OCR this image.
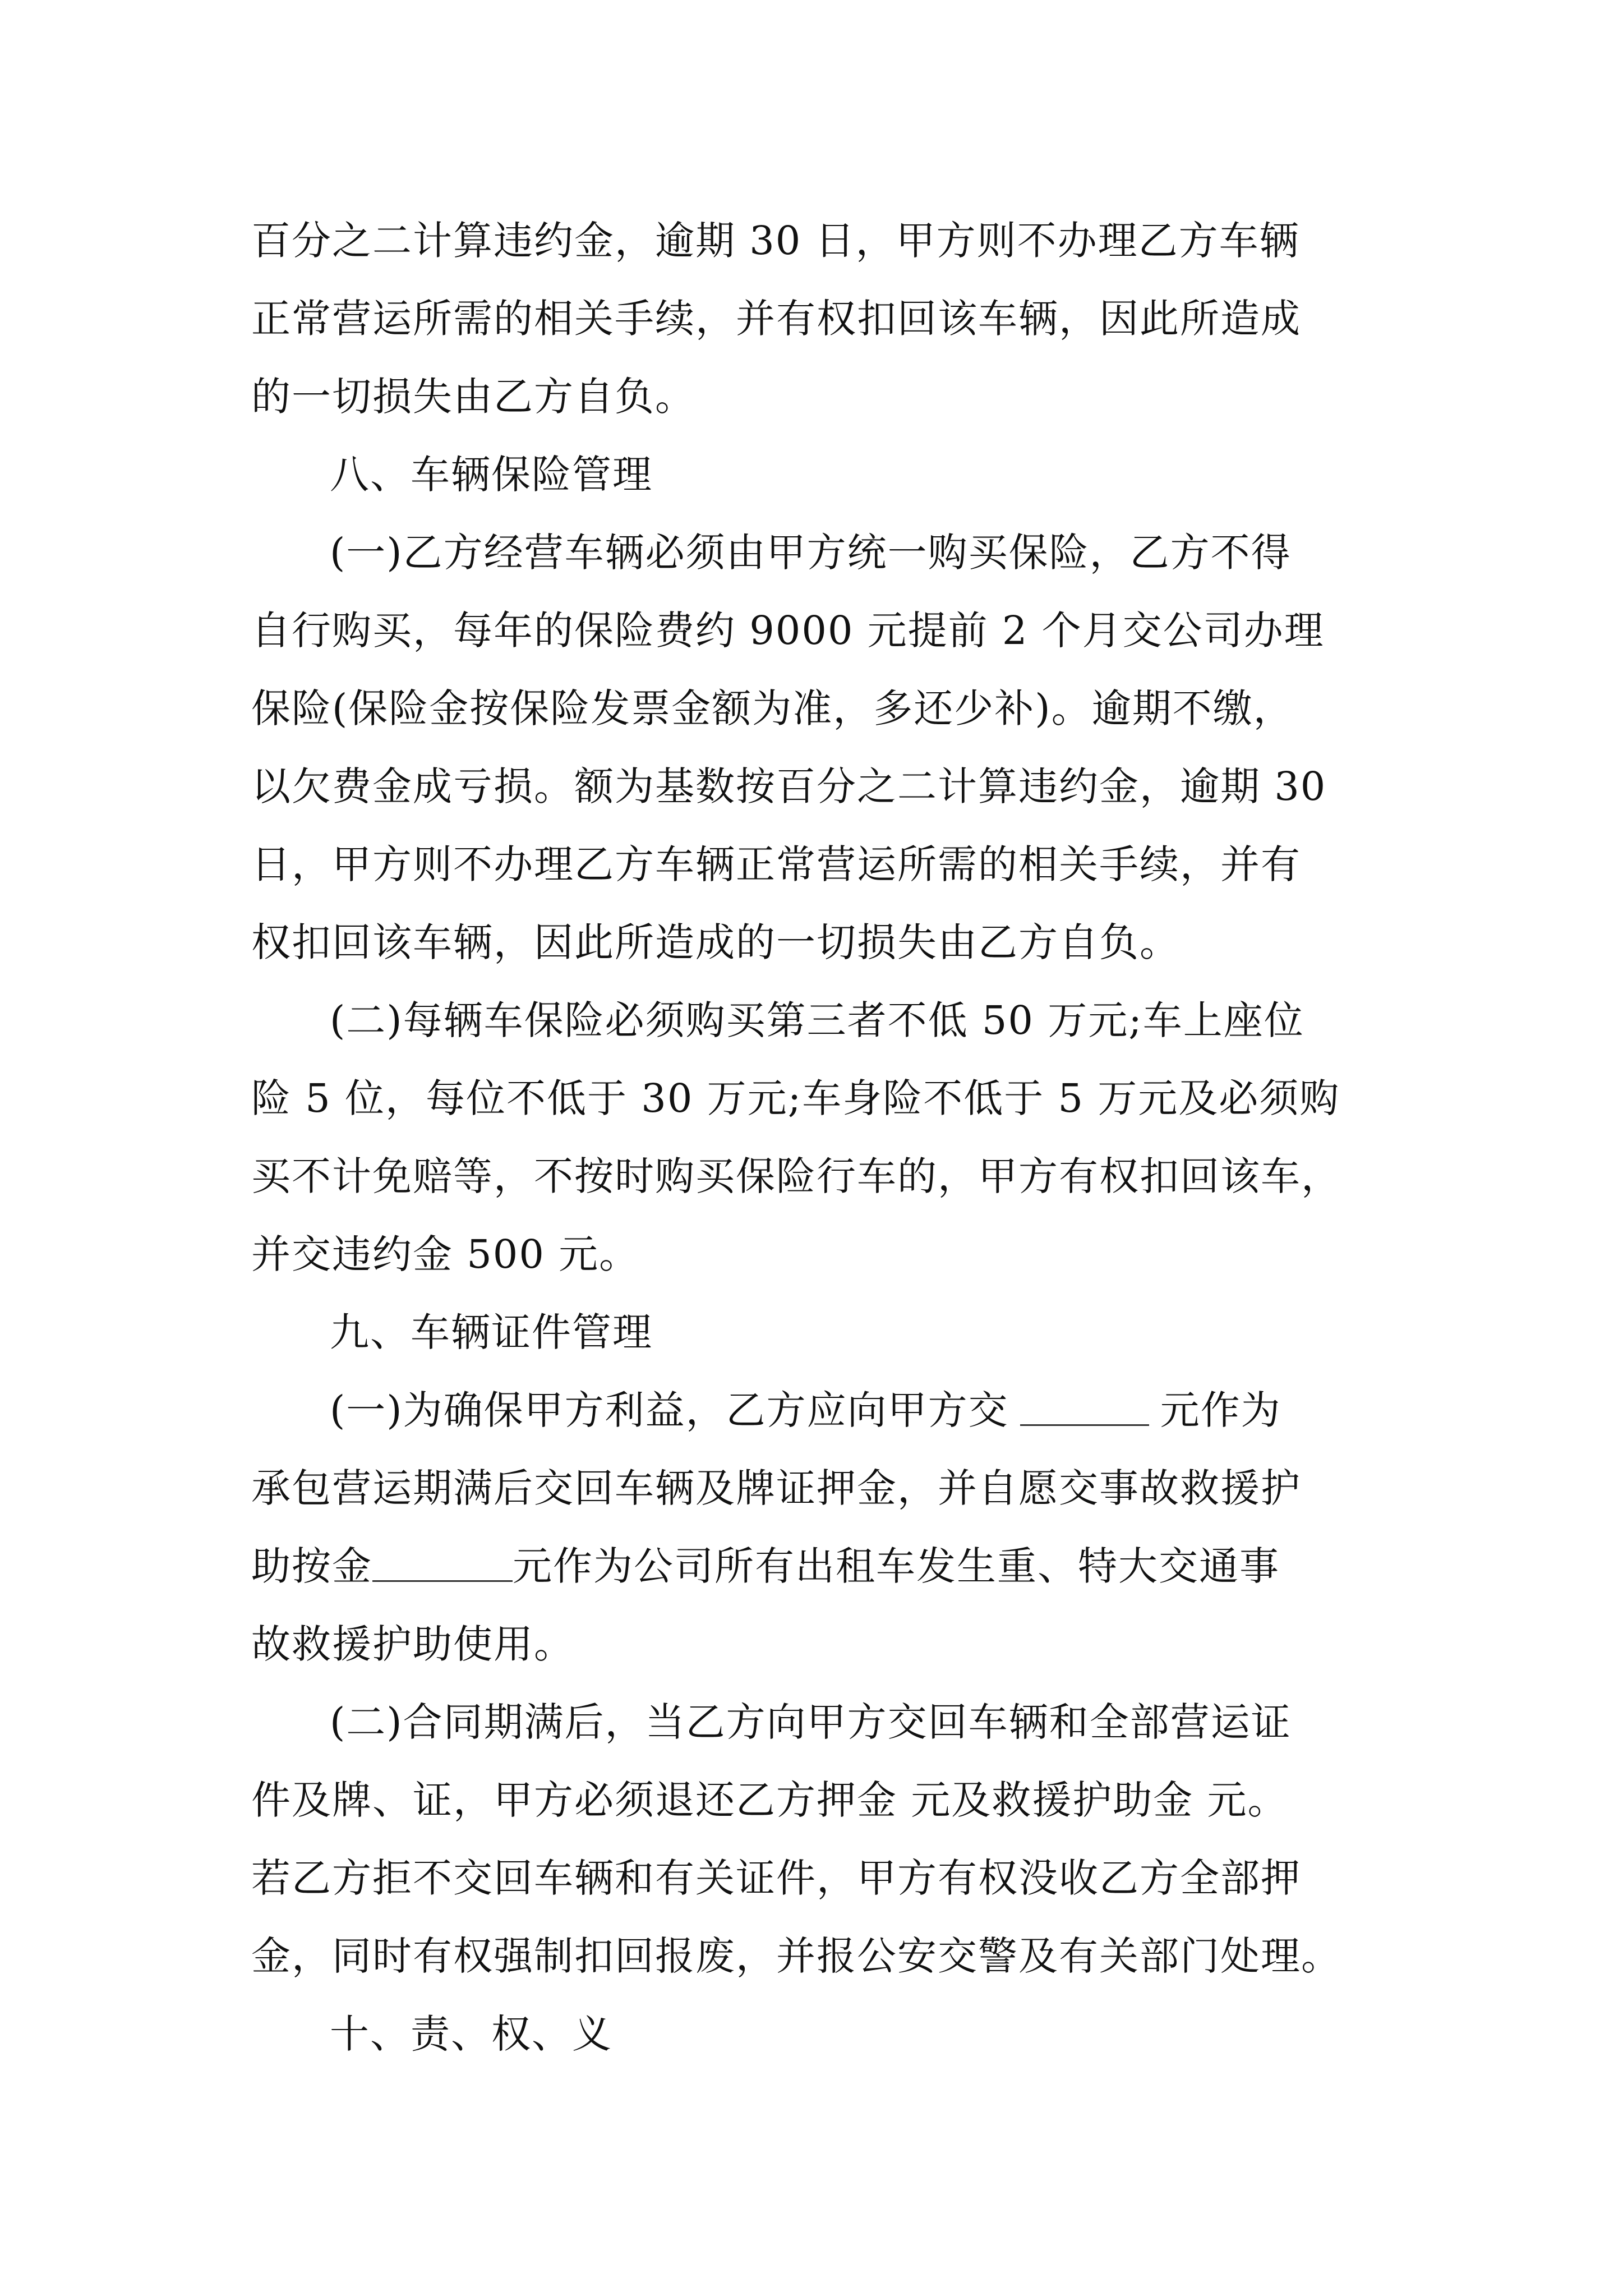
百分之二计算违约金，逾期 30 日，甲方则不办理乙方车辆
正常营运所需的相关手续，并有权扣回该车辆，因此所造成
的一切损失由乙方自负。

八、车辆保险管理

(一)乙方经营车辆必须由甲方统一购买保险，乙方不得
自行购买，每年的保险费约 9000 元提前 2 个月交公司办理
保险(保险金按保险发票金额为准，多还少补)。逾期不缴，
以欠费金成亏损。额为基数按百分之二计算违约金，逾期 30
日，甲方则不办理乙方车辆正常营运所需的相关手续，并有
权扣回该车辆，因此所造成的一切损失由乙方自负。

(二)每辆车保险必须购买第三者不低 50 万元;车上座位
险 5 位，每位不低于 30 万元;车身险不低于 5 万元及必须购
买不计免赔等，不按时购买保险行车的，甲方有权扣回该车，
并交违约金 500 元。

九、车辆证件管理

(一)为确保甲方利益，乙方应向甲方交	元作为
承包营运期满后交回车辆及牌证押金，并自愿交事故救援护
助按金	元作为公司所有出租车发生重、特大交通事
故救援护助使用。

(二)合同期满后，当乙方向甲方交回车辆和全部营运证
件及牌、证，甲方必须退还乙方押金 元及救援护助金 元。
若乙方拒不交回车辆和有关证件，甲方有权没收乙方全部押
金，同时有权强制扣回报废，并报公安交警及有关部门处理。

十、责、权、义
